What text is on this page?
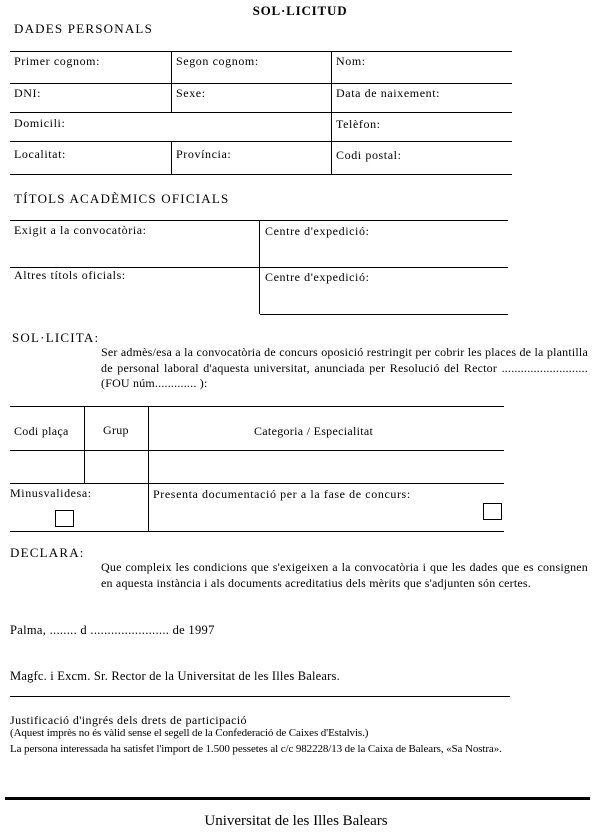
SOL·LICITUD
DADES PERSONALS
Primer cognom:	Segon cognom:	Nom:
DNI:	Sexe:	Data de naixement:
Domicili:	Telèfon:
Localitat:	Província:	Codi postal:
TÍTOLS ACADÈMICS OFICIALS
Exigit a la convocatòria:	Centre d'expedició:
Altres títols oficials:	Centre d'expedició:
SOL·LICITA:
Ser admès/esa a la convocatòria de concurs oposició restringit per cobrir les places de la plantilla de personal laboral d'aquesta universitat, anunciada per Resolució del Rector ........................... (FOU núm............. ):
Codi plaça	Grup	Categoria / Especialitat
Minusvalidesa:	Presenta documentació per a la fase de concurs:
DECLARA:
Que compleix les condicions que s'exigeixen a la convocatòria i que les dades que es consignen en aquesta instància i als documents acreditatius dels mèrits que s'adjunten són certes.
Palma, ........ d ....................... de 1997
Magfc. i Excm. Sr. Rector de la Universitat de les Illes Balears.
Justificació d'ingrés dels drets de participació
(Aquest imprès no és vàlid sense el segell de la Confederació de Caixes d'Estalvis.)
La persona interessada ha satisfet l'import de 1.500 pessetes al c/c 982228/13 de la Caixa de Balears, «Sa Nostra».
Universitat de les Illes Balears
